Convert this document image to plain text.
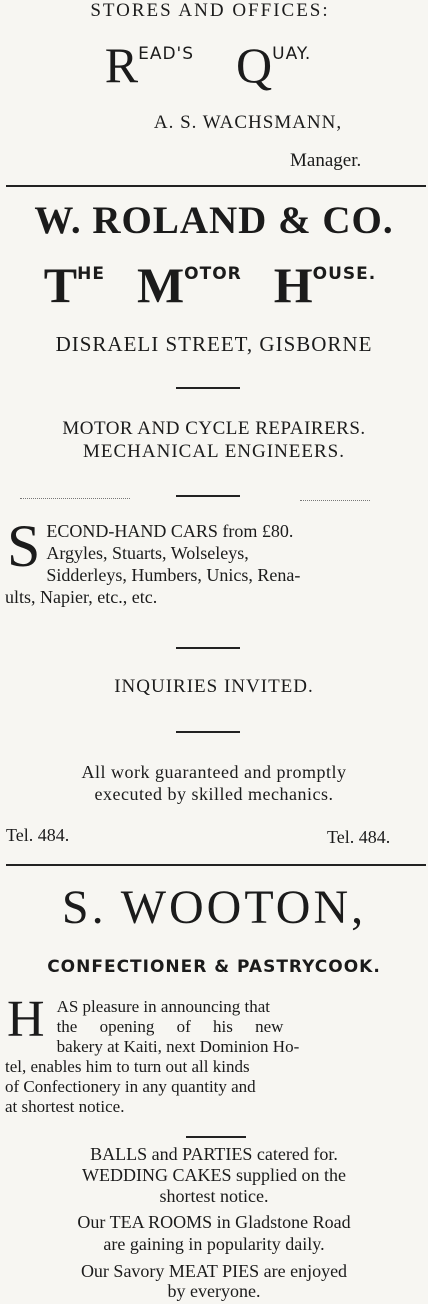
STORES AND OFFICES:
READ'S QUAY.
A. S. WACHSMANN,
Manager.
W. ROLAND & CO.
THE MOTOR HOUSE.
DISRAELI STREET, GISBORNE
MOTOR AND CYCLE REPAIRERS.
MECHANICAL ENGINEERS.
S ECOND-HAND CARS from £80.
Argyles, Stuarts, Wolseleys,
Sidderleys, Humbers, Unics, Rena-
ults, Napier, etc., etc.
INQUIRIES INVITED.
All work guaranteed and promptly
executed by skilled mechanics.
Tel. 484.	Tel. 484.
S. WOOTON,
CONFECTIONER & PASTRYCOOK.
H AS pleasure in announcing that
the opening of his new
bakery at Kaiti, next Dominion Ho-
tel, enables him to turn out all kinds
of Confectionery in any quantity and
at shortest notice.
BALLS and PARTIES catered for.
WEDDING CAKES supplied on the
shortest notice.
Our TEA ROOMS in Gladstone Road
are gaining in popularity daily.
Our Savory MEAT PIES are enjoyed
by everyone.
